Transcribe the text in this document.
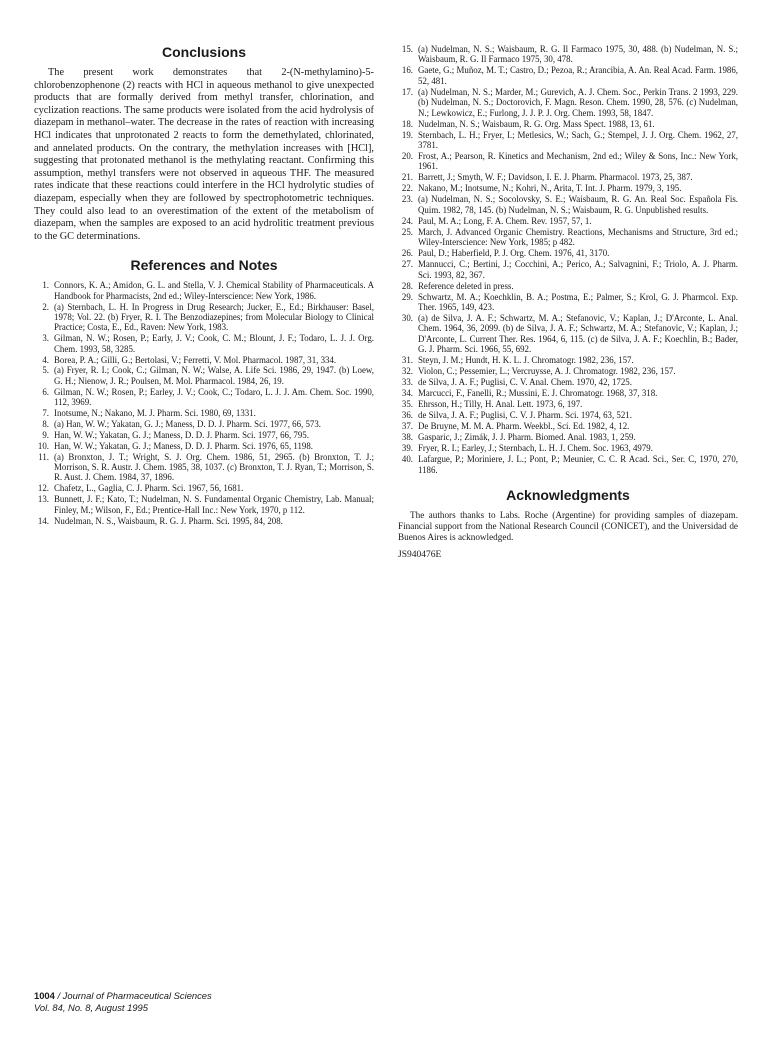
Conclusions

The present work demonstrates that 2-(N-methylamino)-5-chlorobenzophenone (2) reacts with HCl in aqueous methanol to give unexpected products that are formally derived from methyl transfer, chlorination, and cyclization reactions. The same products were isolated from the acid hydrolysis of diazepam in methanol–water. The decrease in the rates of reaction with increasing HCl indicates that unprotonated 2 reacts to form the demethylated, chlorinated, and annelated products. On the contrary, the methylation increases with [HCl], suggesting that protonated methanol is the methylating reactant. Confirming this assumption, methyl transfers were not observed in aqueous THF. The measured rates indicate that these reactions could interfere in the HCl hydrolytic studies of diazepam, especially when they are followed by spectrophotometric techniques. They could also lead to an overestimation of the extent of the metabolism of diazepam, when the samples are exposed to an acid hydrolitic treatment previous to the GC determinations.

References and Notes
1. Connors, K. A.; Amidon, G. L. and Stella, V. J. Chemical Stability of Pharmaceuticals. A Handbook for Pharmacists, 2nd ed.; Wiley-Interscience: New York, 1986.
2. (a) Sternbach, L. H. In Progress in Drug Research; Jucker, E., Ed.; Birkhauser: Basel, 1978; Vol. 22. (b) Fryer, R. I. The Benzodiazepines; from Molecular Biology to Clinical Practice; Costa, E., Ed., Raven: New York, 1983.
3. Gilman, N. W.; Rosen, P.; Early, J. V.; Cook, C. M.; Blount, J. F.; Todaro, L. J. J. Org. Chem. 1993, 58, 3285.
4. Borea, P. A.; Gilli, G.; Bertolasi, V.; Ferretti, V. Mol. Pharmacol. 1987, 31, 334.
5. (a) Fryer, R. I.; Cook, C.; Gilman, N. W.; Walse, A. Life Sci. 1986, 29, 1947. (b) Loew, G. H.; Nienow, J. R.; Poulsen, M. Mol. Pharmacol. 1984, 26, 19.
6. Gilman, N. W.; Rosen, P.; Earley, J. V.; Cook, C.; Todaro, L. J. J. Am. Chem. Soc. 1990, 112, 3969.
7. Inotsume, N.; Nakano, M. J. Pharm. Sci. 1980, 69, 1331.
8. (a) Han, W. W.; Yakatan, G. J.; Maness, D. D. J. Pharm. Sci. 1977, 66, 573.
9. Han, W. W.; Yakatan, G. J.; Maness, D. D. J. Pharm. Sci. 1977, 66, 795.
10. Han, W. W.; Yakatan, G. J.; Maness, D. D. J. Pharm. Sci. 1976, 65, 1198.
11. (a) Bronxton, J. T.; Wright, S. J. Org. Chem. 1986, 51, 2965. (b) Bronxton, T. J.; Morrison, S. R. Austr. J. Chem. 1985, 38, 1037. (c) Bronxton, T. J. Ryan, T.; Morrison, S. R. Aust. J. Chem. 1984, 37, 1896.
12. Chafetz, L., Gaglia, C. J. Pharm. Sci. 1967, 56, 1681.
13. Bunnett, J. F.; Kato, T.; Nudelman, N. S. Fundamental Organic Chemistry, Lab. Manual; Finley, M.; Wilson, F., Ed.; Prentice-Hall Inc.: New York, 1970, p 112.
14. Nudelman, N. S., Waisbaum, R. G. J. Pharm. Sci. 1995, 84, 208.
15. (a) Nudelman, N. S.; Waisbaum, R. G. Il Farmaco 1975, 30, 488. (b) Nudelman, N. S.; Waisbaum, R. G. Il Farmaco 1975, 30, 478.
16. Gaete, G.; Muñoz, M. T.; Castro, D.; Pezoa, R.; Arancibia, A. An. Real Acad. Farm. 1986, 52, 481.
17. (a) Nudelman, N. S.; Marder, M.; Gurevich, A. J. Chem. Soc., Perkin Trans. 2 1993, 229. (b) Nudelman, N. S.; Doctorovich, F. Magn. Reson. Chem. 1990, 28, 576. (c) Nudelman, N.; Lewkowicz, E.; Furlong, J. J. P. J. Org. Chem. 1993, 58, 1847.
18. Nudelman, N. S.; Waisbaum, R. G. Org. Mass Spect. 1988, 13, 61.
19. Sternbach, L. H.; Fryer, I.; Metlesics, W.; Sach, G.; Stempel, J. J. Org. Chem. 1962, 27, 3781.
20. Frost, A.; Pearson, R. Kinetics and Mechanism, 2nd ed.; Wiley & Sons, Inc.: New York, 1961.
21. Barrett, J.; Smyth, W. F.; Davidson, I. E. J. Pharm. Pharmacol. 1973, 25, 387.
22. Nakano, M.; Inotsume, N.; Kohri, N., Arita, T. Int. J. Pharm. 1979, 3, 195.
23. (a) Nudelman, N. S.; Socolovsky, S. E.; Waisbaum, R. G. An. Real Soc. Española Fis. Quim. 1982, 78, 145. (b) Nudelman, N. S.; Waisbaum, R. G. Unpublished results.
24. Paul, M. A.; Long, F. A. Chem. Rev. 1957, 57, 1.
25. March, J. Advanced Organic Chemistry. Reactions, Mechanisms and Structure, 3rd ed.; Wiley-Interscience: New York, 1985; p 482.
26. Paul, D.; Haberfield, P. J. Org. Chem. 1976, 41, 3170.
27. Mannucci, C.; Bertini, J.; Cocchini, A.; Perico, A.; Salvagnini, F.; Triolo, A. J. Pharm. Sci. 1993, 82, 367.
28. Reference deleted in press.
29. Schwartz, M. A.; Koechklin, B. A.; Postma, E.; Palmer, S.; Krol, G. J. Pharmcol. Exp. Ther. 1965, 149, 423.
30. (a) de Silva, J. A. F.; Schwartz, M. A.; Stefanovic, V.; Kaplan, J.; D'Arconte, L. Anal. Chem. 1964, 36, 2099. (b) de Silva, J. A. F.; Schwartz, M. A.; Stefanovic, V.; Kaplan, J.; D'Arconte, L. Current Ther. Res. 1964, 6, 115. (c) de Silva, J. A. F.; Koechlin, B.; Bader, G. J. Pharm. Sci. 1966, 55, 692.
31. Steyn, J. M.; Hundt, H. K. L. J. Chromatogr. 1982, 236, 157.
32. Violon, C.; Pessemier, L.; Vercruysse, A. J. Chromatogr. 1982, 236, 157.
33. de Silva, J. A. F.; Puglisi, C. V. Anal. Chem. 1970, 42, 1725.
34. Marcucci, F., Fanelli, R.; Mussini, E. J. Chromatogr. 1968, 37, 318.
35. Ehrsson, H.; Tilly, H. Anal. Lett. 1973, 6, 197.
36. de Silva, J. A. F.; Puglisi, C. V. J. Pharm. Sci. 1974, 63, 521.
37. De Bruyne, M. M. A. Pharm. Weekbl., Sci. Ed. 1982, 4, 12.
38. Gasparic, J.; Zimák, J. J. Pharm. Biomed. Anal. 1983, 1, 259.
39. Fryer, R. I.; Earley, J.; Sternbach, L. H. J. Chem. Soc. 1963, 4979.
40. Lafargue, P.; Moriniere, J. L.; Pont, P.; Meunier, C. C. R Acad. Sci., Ser. C, 1970, 270, 1186.
Acknowledgments

The authors thanks to Labs. Roche (Argentine) for providing samples of diazepam. Financial support from the National Research Council (CONICET), and the Universidad de Buenos Aires is acknowledged.

JS940476E

1004 / Journal of Pharmaceutical Sciences
Vol. 84, No. 8, August 1995
